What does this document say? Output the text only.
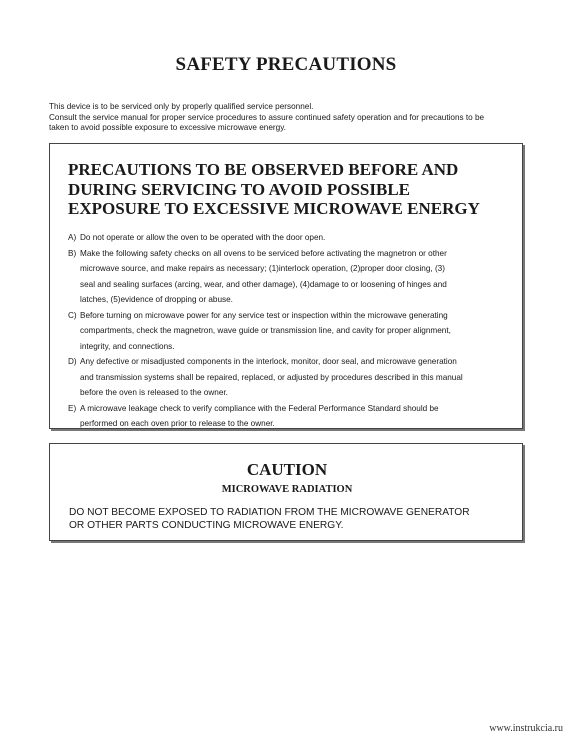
SAFETY PRECAUTIONS
This device is to be serviced only by properly qualified service personnel.
Consult the service manual for proper service procedures to assure continued safety operation and for precautions to be
taken to avoid possible exposure to excessive microwave energy.
PRECAUTIONS TO BE OBSERVED BEFORE AND
DURING SERVICING TO AVOID POSSIBLE
EXPOSURE TO EXCESSIVE MICROWAVE ENERGY
A) Do not operate or allow the oven to be operated with the door open.
B) Make the following safety checks on all ovens to be serviced before activating the magnetron or other
microwave source, and make repairs as necessary; (1)interlock operation, (2)proper door closing, (3)
seal and sealing surfaces (arcing, wear, and other damage), (4)damage to or loosening of hinges and
latches, (5)evidence of dropping or abuse.
C) Before turning on microwave power for any service test or inspection within the microwave generating
compartments, check the magnetron, wave guide or transmission line, and cavity for proper alignment,
integrity, and connections.
D) Any defective or misadjusted components in the interlock, monitor, door seal, and microwave generation
and transmission systems shall be repaired, replaced, or adjusted by procedures described in this manual
before the oven is released to the owner.
E) A microwave leakage check to verify compliance with the Federal Performance Standard should be
performed on each oven prior to release to the owner.
CAUTION
MICROWAVE RADIATION
DO NOT BECOME EXPOSED TO RADIATION FROM THE MICROWAVE GENERATOR
OR OTHER PARTS CONDUCTING MICROWAVE ENERGY.
www.instrukcia.ru
